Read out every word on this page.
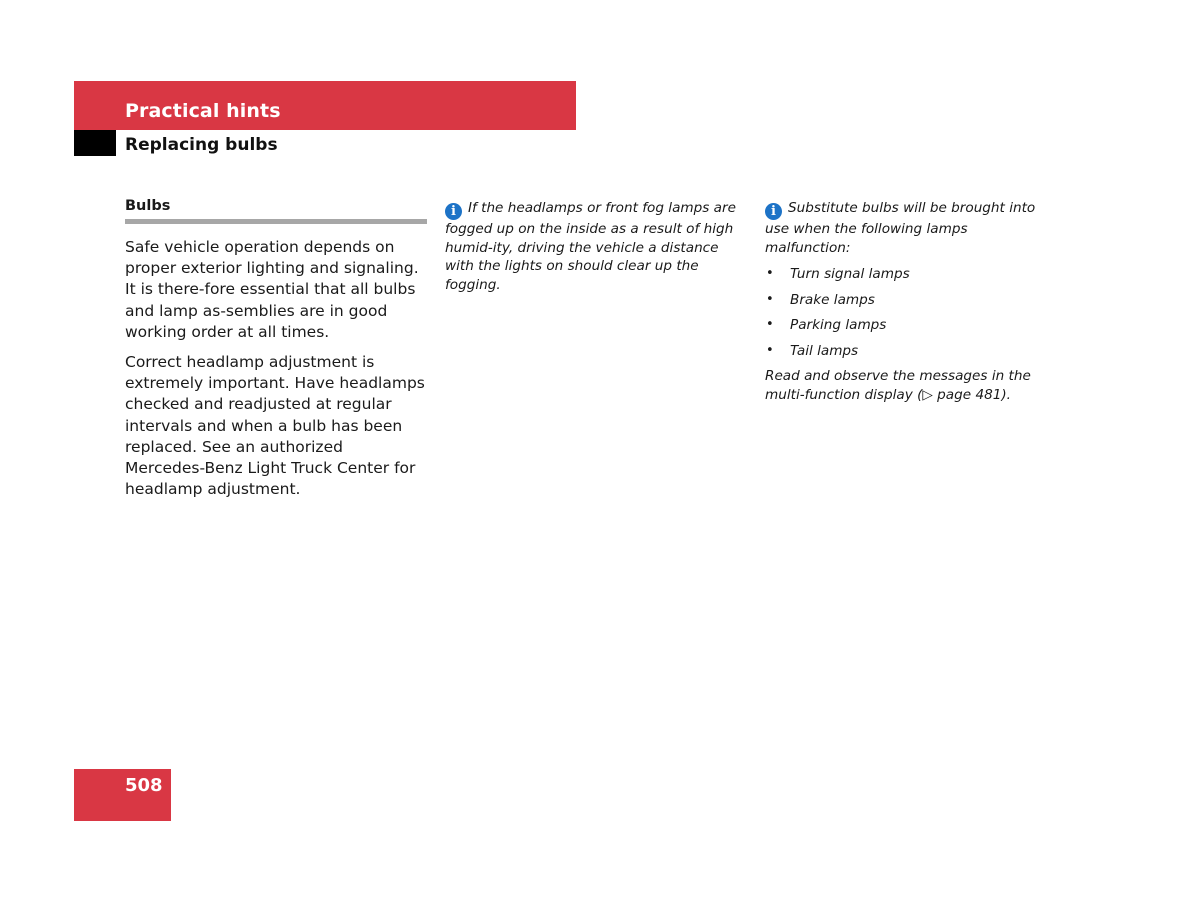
Practical hints
Replacing bulbs
Bulbs

Safe vehicle operation depends on proper exterior lighting and signaling. It is there-fore essential that all bulbs and lamp as-semblies are in good working order at all times.

Correct headlamp adjustment is extremely important. Have headlamps checked and readjusted at regular intervals and when a bulb has been replaced. See an authorized Mercedes-Benz Light Truck Center for headlamp adjustment.

i If the headlamps or front fog lamps are fogged up on the inside as a result of high humid-ity, driving the vehicle a distance with the lights on should clear up the fogging.

i Substitute bulbs will be brought into use when the following lamps malfunction:

• Turn signal lamps
• Brake lamps
• Parking lamps
• Tail lamps

Read and observe the messages in the multi-function display (▷ page 481).

508
